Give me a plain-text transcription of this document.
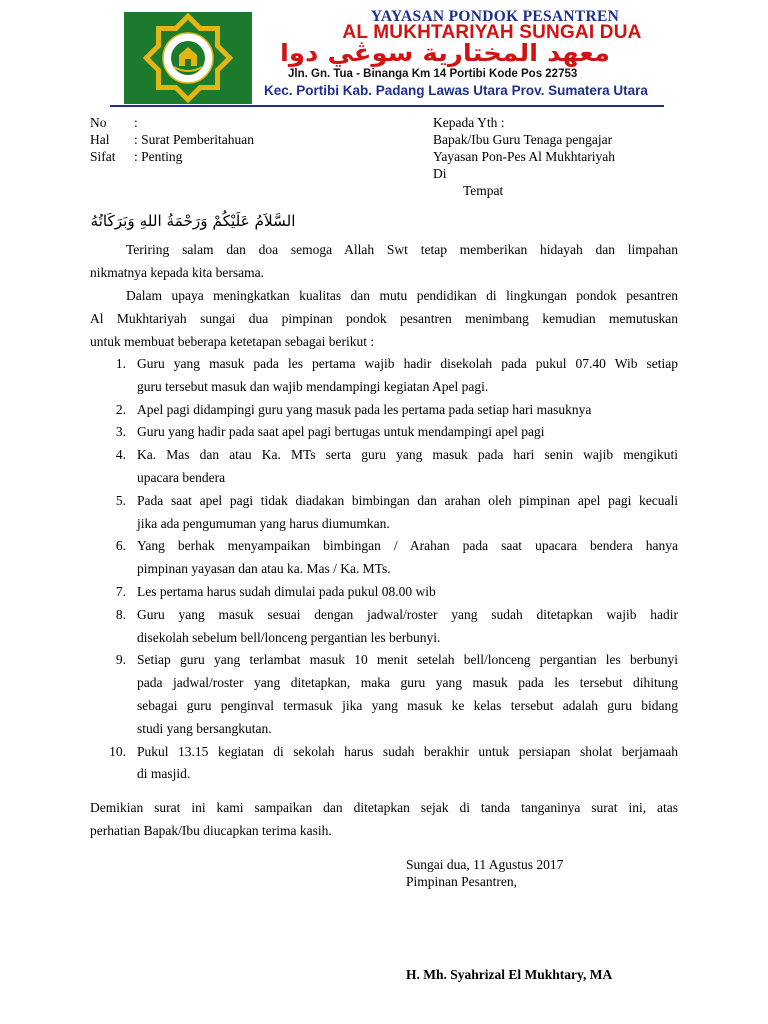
YAYASAN PONDOK PESANTREN
AL MUKHTARIYAH SUNGAI DUA
معهد المختارية سوڠي دوا
Jln. Gn. Tua - Binanga Km 14 Portibi Kode Pos 22753
Kec. Portibi Kab. Padang Lawas Utara Prov. Sumatera Utara
No :
Hal : Surat Pemberitahuan
Sifat : Penting
Kepada Yth :
Bapak/Ibu Guru Tenaga pengajar
Yayasan Pon-Pes Al Mukhtariyah
Di
Tempat
السَّلاَمُ عَلَيْكُمْ وَرَحْمَةُ اللهِ وَبَرَكَاتُهُ
Teriring salam dan doa semoga Allah Swt tetap memberikan hidayah dan limpahan
nikmatnya kepada kita bersama.
Dalam upaya meningkatkan kualitas dan mutu pendidikan di lingkungan pondok pesantren
Al Mukhtariyah sungai dua pimpinan pondok pesantren menimbang kemudian memutuskan
untuk membuat beberapa ketetapan sebagai berikut :
1. Guru yang masuk pada les pertama wajib hadir disekolah pada pukul 07.40 Wib setiap
guru tersebut masuk dan wajib mendampingi kegiatan Apel pagi.
2. Apel pagi didampingi guru yang masuk pada les pertama pada setiap hari masuknya
3. Guru yang hadir pada saat apel pagi bertugas untuk mendampingi apel pagi
4. Ka. Mas dan atau Ka. MTs serta guru yang masuk pada hari senin wajib mengikuti
upacara bendera
5. Pada saat apel pagi tidak diadakan bimbingan dan arahan oleh pimpinan apel pagi kecuali
jika ada pengumuman yang harus diumumkan.
6. Yang berhak menyampaikan bimbingan / Arahan pada saat upacara bendera hanya
pimpinan yayasan dan atau ka. Mas / Ka. MTs.
7. Les pertama harus sudah dimulai pada pukul 08.00 wib
8. Guru yang masuk sesuai dengan jadwal/roster yang sudah ditetapkan wajib hadir
disekolah sebelum bell/lonceng pergantian les berbunyi.
9. Setiap guru yang terlambat masuk 10 menit setelah bell/lonceng pergantian les berbunyi
pada jadwal/roster yang ditetapkan, maka guru yang masuk pada les tersebut dihitung
sebagai guru penginval termasuk jika yang masuk ke kelas tersebut adalah guru bidang
studi yang bersangkutan.
10. Pukul 13.15 kegiatan di sekolah harus sudah berakhir untuk persiapan sholat berjamaah
di masjid.
Demikian surat ini kami sampaikan dan ditetapkan sejak di tanda tanganinya surat ini, atas
perhatian Bapak/Ibu diucapkan terima kasih.
Sungai dua, 11 Agustus 2017
Pimpinan Pesantren,
H. Mh. Syahrizal El Mukhtary, MA
